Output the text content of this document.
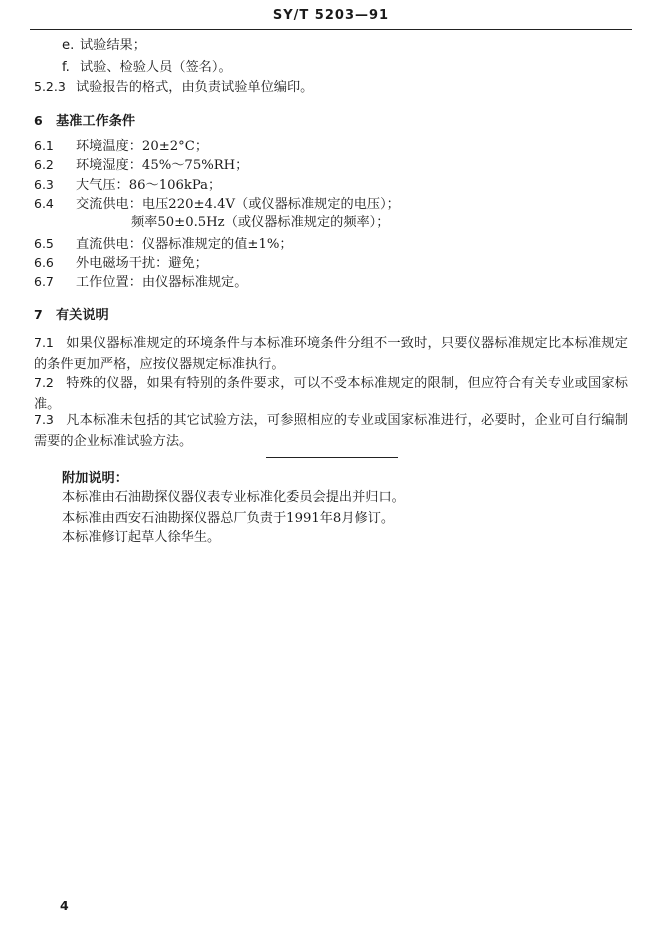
SY/T 5203—91
e. 试验结果；
f. 试验、检验人员（签名）。
5.2.3 试验报告的格式，由负责试验单位编印。
6 基准工作条件
6.1 环境温度：20±2°C；
6.2 环境湿度：45%～75%RH；
6.3 大气压：86～106kPa；
6.4 交流供电：电压220±4.4V（或仪器标准规定的电压）；
频率50±0.5Hz（或仪器标准规定的频率）；
6.5 直流供电：仪器标准规定的值±1%；
6.6 外电磁场干扰：避免；
6.7 工作位置：由仪器标准规定。
7 有关说明
7.1 如果仪器标准规定的环境条件与本标准环境条件分组不一致时，只要仪器标准规定比本标准规定的条件更加严格，应按仪器规定标准执行。
7.2 特殊的仪器，如果有特别的条件要求，可以不受本标准规定的限制，但应符合有关专业或国家标准。
7.3 凡本标准未包括的其它试验方法，可参照相应的专业或国家标准进行，必要时，企业可自行编制需要的企业标准试验方法。
附加说明：
本标准由石油勘探仪器仪表专业标准化委员会提出并归口。
本标准由西安石油勘探仪器总厂负责于1991年8月修订。
本标准修订起草人徐华生。
4
